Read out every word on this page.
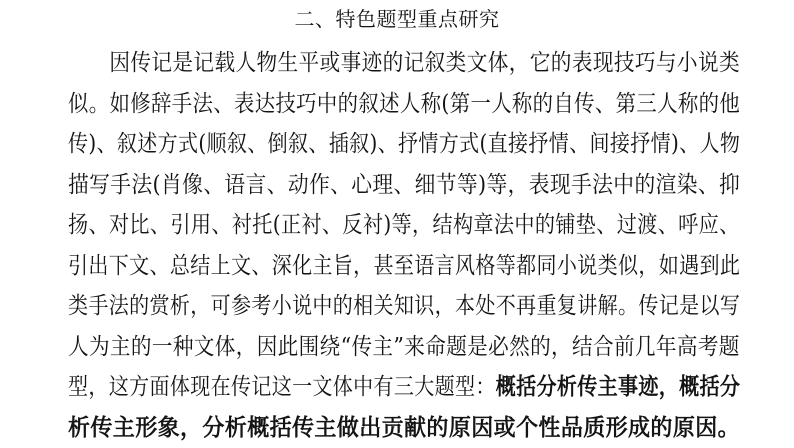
二、特色题型重点研究
因传记是记载人物生平或事迹的记叙类文体，它的表现技巧与小说类
似。如修辞手法、表达技巧中的叙述人称(第一人称的自传、第三人称的他
传)、叙述方式(顺叙、倒叙、插叙)、抒情方式(直接抒情、间接抒情)、人物
描写手法(肖像、语言、动作、心理、细节等)等，表现手法中的渲染、抑
扬、对比、引用、衬托(正衬、反衬)等，结构章法中的铺垫、过渡、呼应、
引出下文、总结上文、深化主旨，甚至语言风格等都同小说类似，如遇到此
类手法的赏析，可参考小说中的相关知识，本处不再重复讲解。传记是以写
人为主的一种文体，因此围绕“传主”来命题是必然的，结合前几年高考题
型，这方面体现在传记这一文体中有三大题型：概括分析传主事迹，概括分
析传主形象，分析概括传主做出贡献的原因或个性品质形成的原因。
